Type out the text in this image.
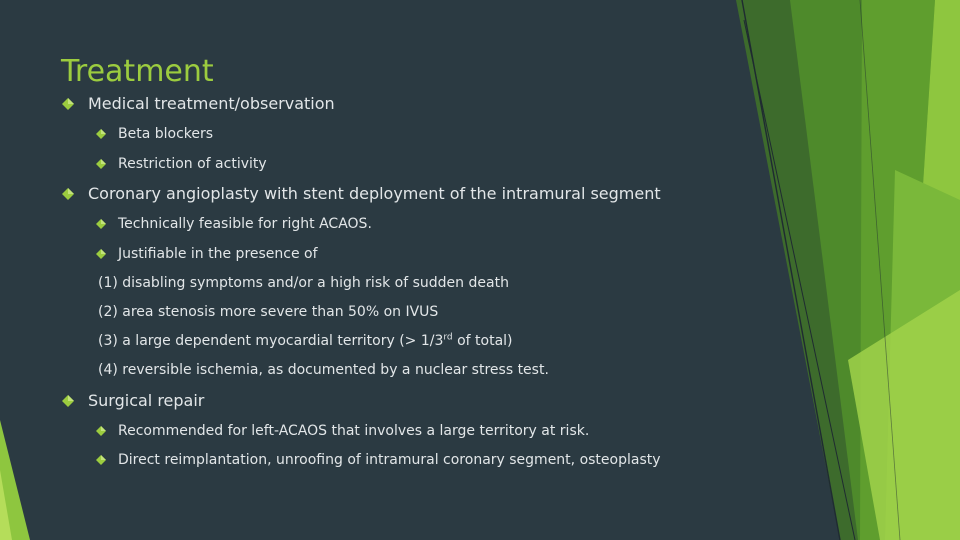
Treatment
Medical treatment/observation
Beta blockers
Restriction of activity
Coronary angioplasty with stent deployment of the intramural segment
Technically feasible for right ACAOS.
Justifiable in the presence of
(1) disabling symptoms and/or a high risk of sudden death
(2) area stenosis more severe than 50% on IVUS
(3) a large dependent myocardial territory (> 1/3rd of total)
(4) reversible ischemia, as documented by a nuclear stress test.
Surgical repair
Recommended for left-ACAOS that involves a large territory at risk.
Direct reimplantation, unroofing of intramural coronary segment, osteoplasty
